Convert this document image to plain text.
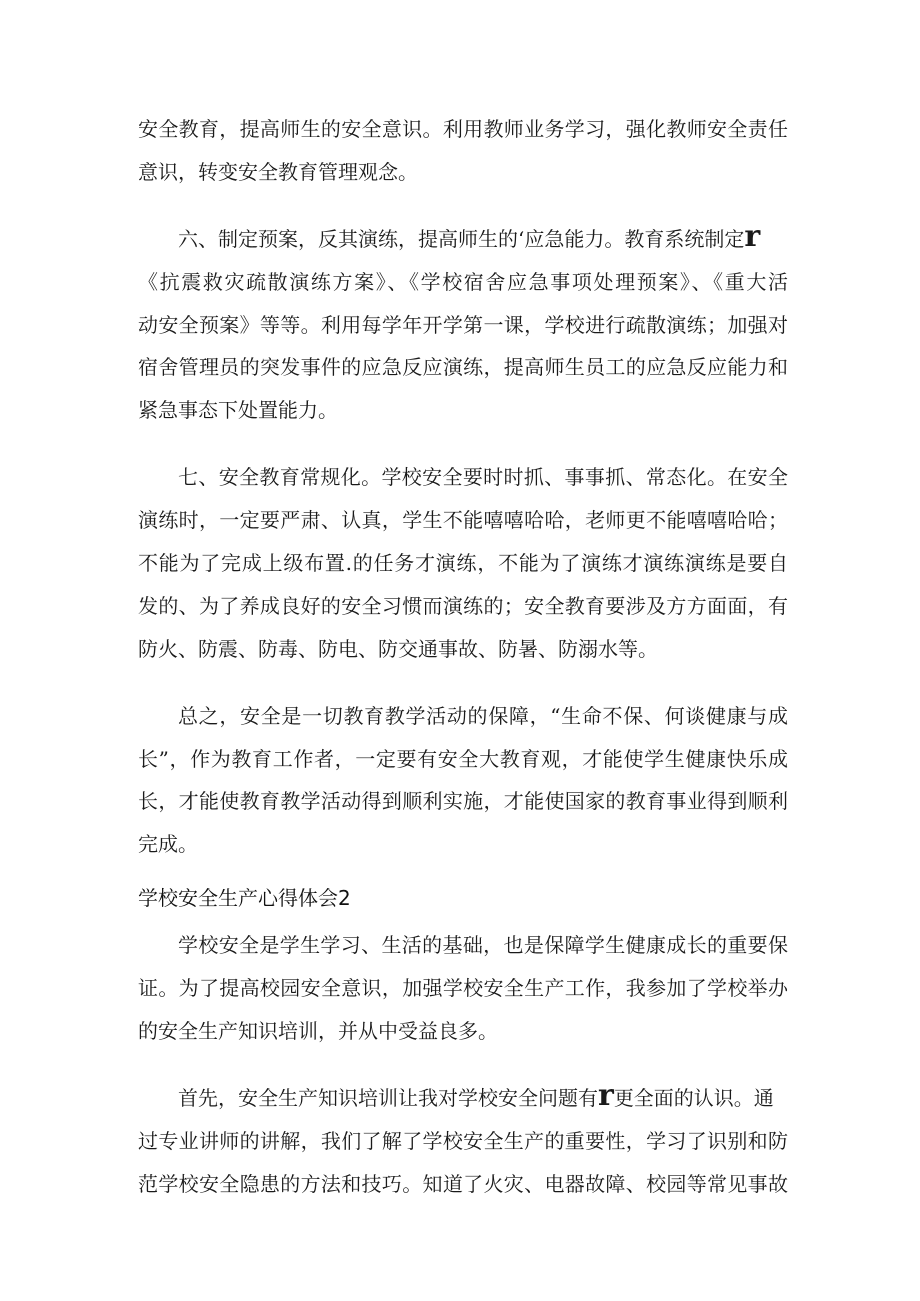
安全教育，提高师生的安全意识。利用教师业务学习，强化教师安全责任
意识，转变安全教育管理观念。
六、制定预案，反其演练，提高师生的‘应急能力。教育系统制定r
《抗震救灾疏散演练方案》、《学校宿舍应急事项处理预案》、《重大活
动安全预案》等等。利用每学年开学第一课，学校进行疏散演练；加强对
宿舍管理员的突发事件的应急反应演练，提高师生员工的应急反应能力和
紧急事态下处置能力。
七、安全教育常规化。学校安全要时时抓、事事抓、常态化。在安全
演练时，一定要严肃、认真，学生不能嘻嘻哈哈，老师更不能嘻嘻哈哈；
不能为了完成上级布置.的任务才演练，不能为了演练才演练演练是要自
发的、为了养成良好的安全习惯而演练的；安全教育要涉及方方面面，有
防火、防震、防毒、防电、防交通事故、防暑、防溺水等。
总之，安全是一切教育教学活动的保障，“生命不保、何谈健康与成
长”，作为教育工作者，一定要有安全大教育观，才能使学生健康快乐成
长，才能使教育教学活动得到顺利实施，才能使国家的教育事业得到顺利
完成。
学校安全生产心得体会2
学校安全是学生学习、生活的基础，也是保障学生健康成长的重要保
证。为了提高校园安全意识，加强学校安全生产工作，我参加了学校举办
的安全生产知识培训，并从中受益良多。
首先，安全生产知识培训让我对学校安全问题有r更全面的认识。通
过专业讲师的讲解，我们了解了学校安全生产的重要性，学习了识别和防
范学校安全隐患的方法和技巧。知道了火灾、电器故障、校园等常见事故
